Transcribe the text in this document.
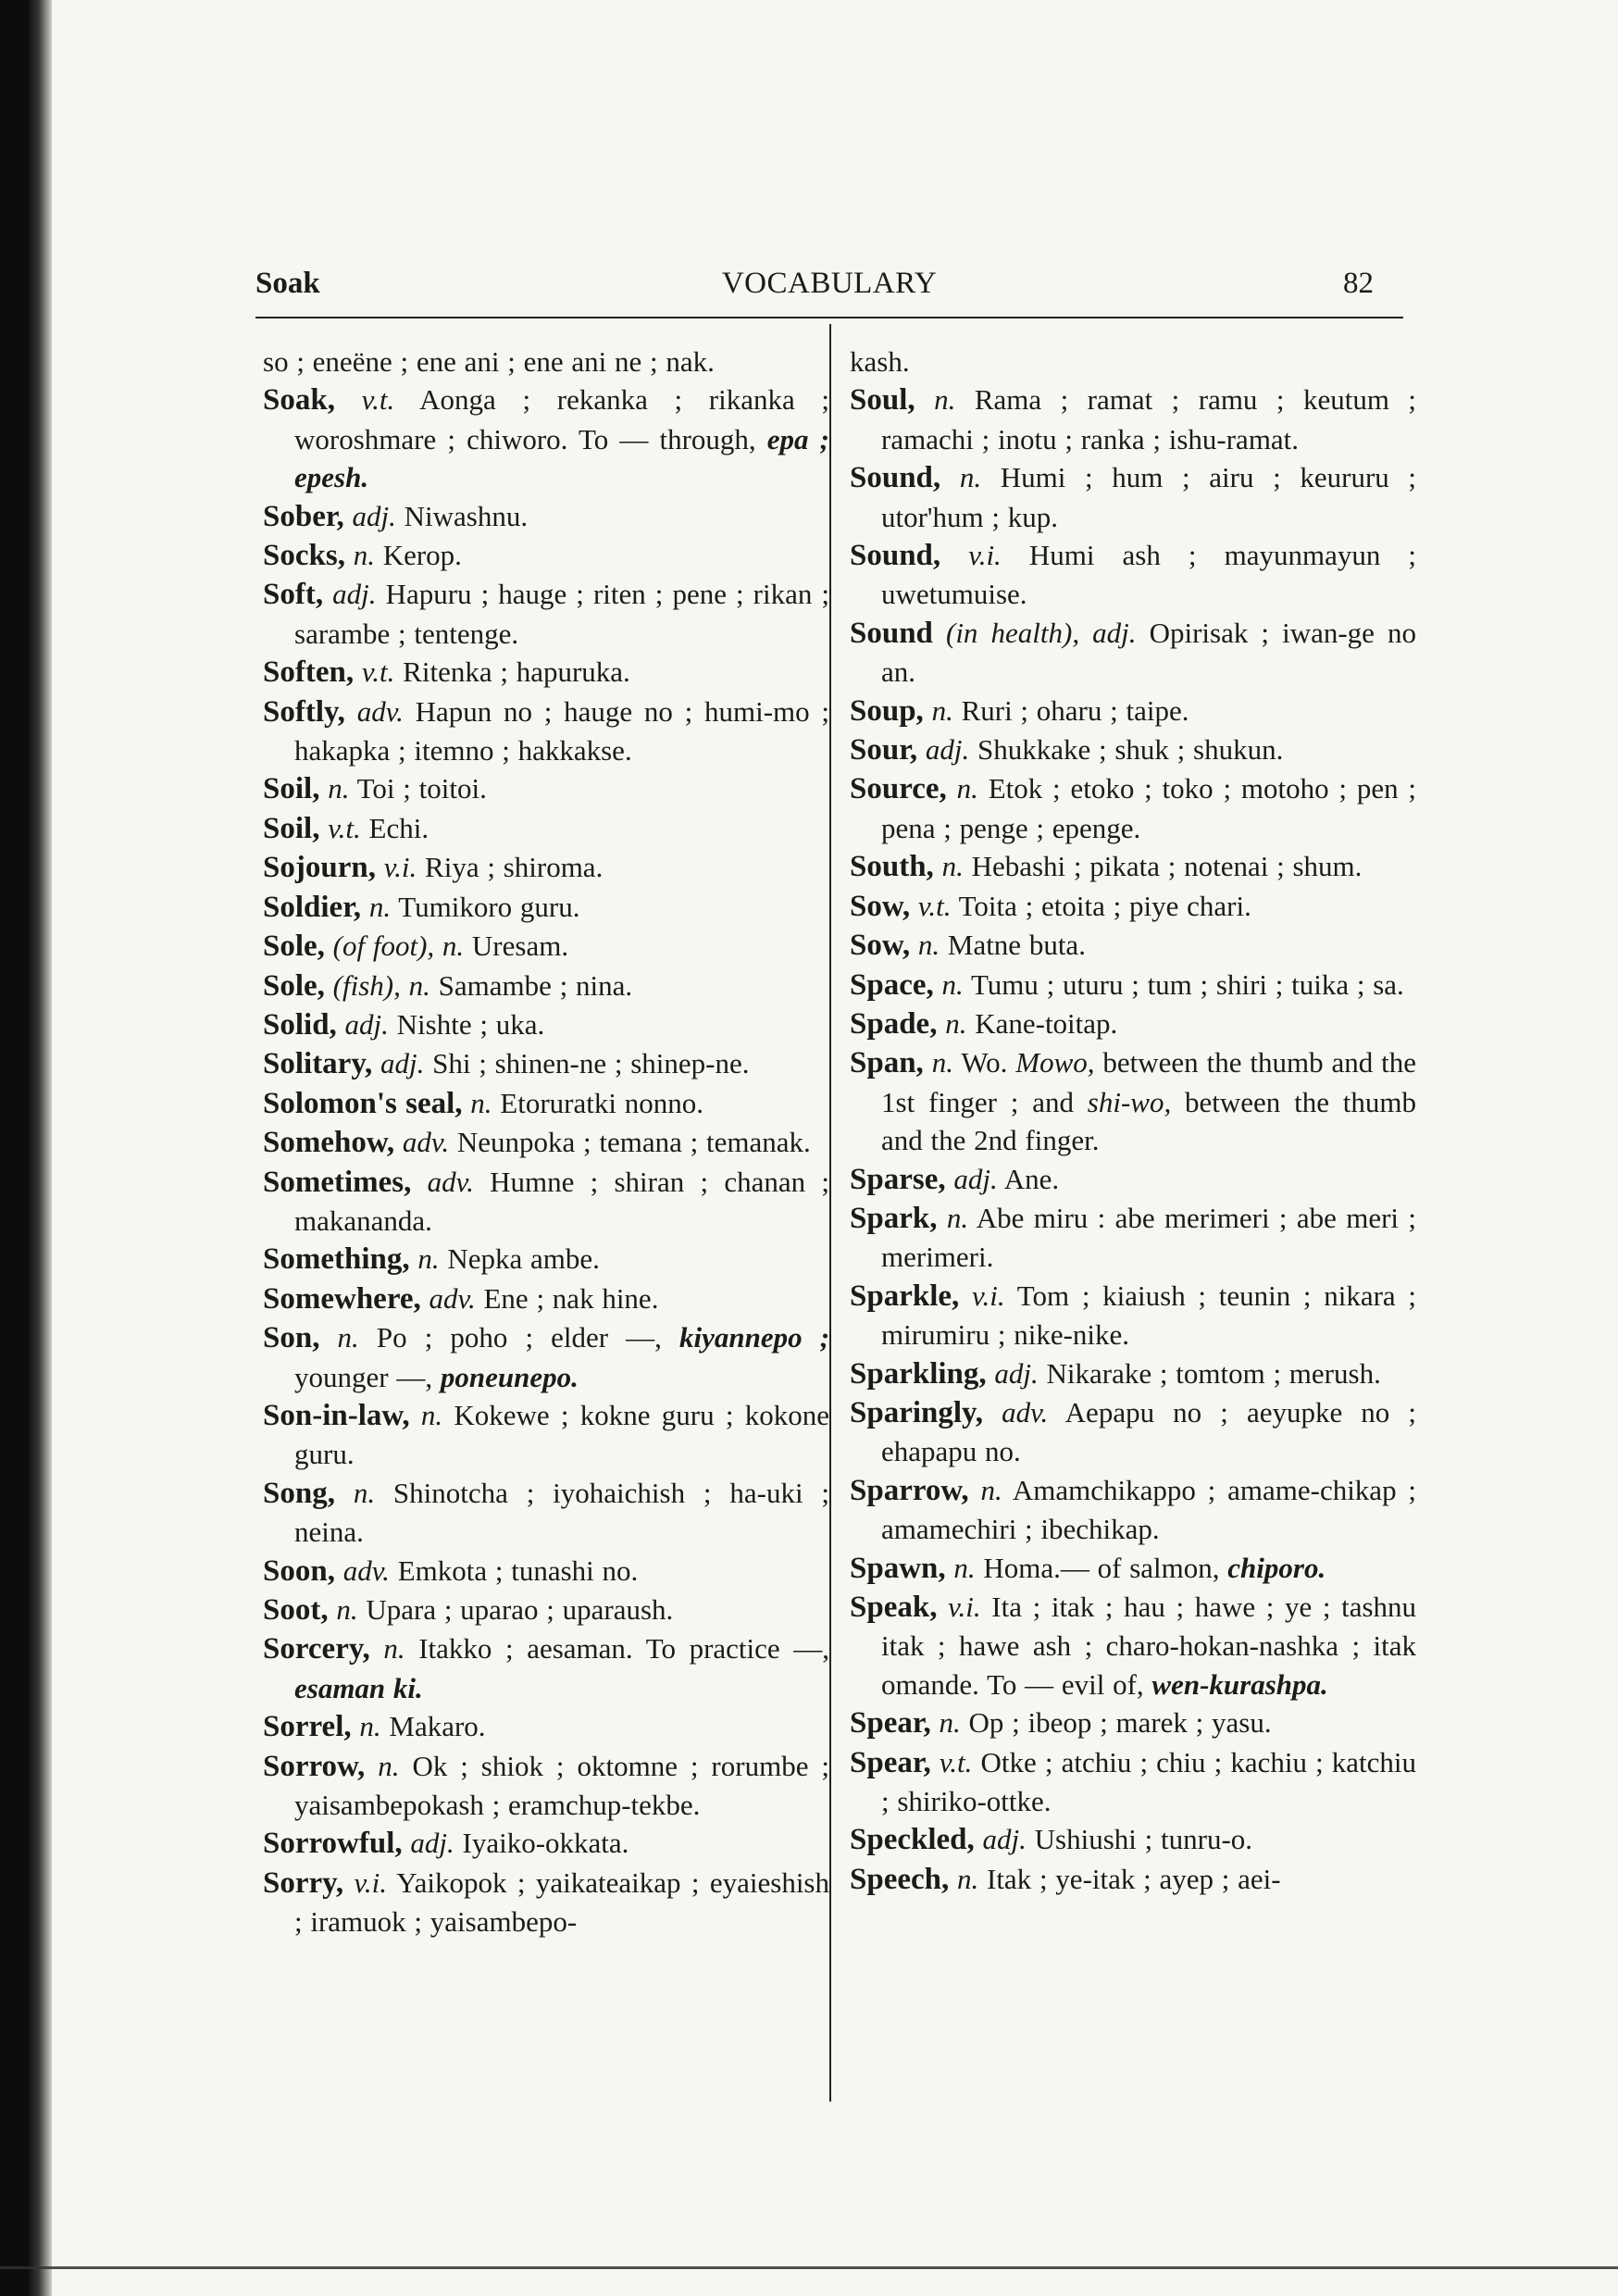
Soak	VOCABULARY	82
so ; eneëne ; ene ani ; ene ani ne ; nak.
Soak, v.t. Aonga ; rekanka ; rikanka ; woroshmare ; chiworo. To — through, epa ; epesh.
Sober, adj. Niwashnu.
Socks, n. Kerop.
Soft, adj. Hapuru ; hauge ; riten ; pene ; rikan ; sarambe ; tentenge.
Soften, v.t. Ritenka ; hapuruka.
Softly, adv. Hapun no ; hauge no ; humi-mo ; hakapka ; itemno ; hakkakse.
Soil, n. Toi ; toitoi.
Soil, v.t. Echi.
Sojourn, v.i. Riya ; shiroma.
Soldier, n. Tumikoro guru.
Sole, (of foot), n. Uresam.
Sole, (fish), n. Samambe ; nina.
Solid, adj. Nishte ; uka.
Solitary, adj. Shi ; shinen-ne ; shinep-ne.
Solomon's seal, n. Etoruratki nonno.
Somehow, adv. Neunpoka ; temana ; temanak.
Sometimes, adv. Humne ; shiran ; chanan ; makananda.
Something, n. Nepka ambe.
Somewhere, adv. Ene ; nak hine.
Son, n. Po ; poho ; elder —, kiyannepo ; younger —, poneunepo.
Son-in-law, n. Kokewe ; kokne guru ; kokone guru.
Song, n. Shinotcha ; iyohaichish ; ha-uki ; neina.
Soon, adv. Emkota ; tunashi no.
Soot, n. Upara ; uparao ; uparaush.
Sorcery, n. Itakko ; aesaman. To practice —, esaman ki.
Sorrel, n. Makaro.
Sorrow, n. Ok ; shiok ; oktomne ; rorumbe ; yaisambepokash ; eramchup-tekbe.
Sorrowful, adj. Iyaiko-okkata.
Sorry, v.i. Yaikopok ; yaikateaikap ; eyaieshish ; iramuok ; yaisambepo-
kash.
Soul, n. Rama ; ramat ; ramu ; keutum ; ramachi ; inotu ; ranka ; ishu-ramat.
Sound, n. Humi ; hum ; airu ; keururu ; utor'hum ; kup.
Sound, v.i. Humi ash ; mayunmayun ; uwetumuise.
Sound (in health), adj. Opirisak ; iwan-ge no an.
Soup, n. Ruri ; oharu ; taipe.
Sour, adj. Shukkake ; shuk ; shukun.
Source, n. Etok ; etoko ; toko ; motoho ; pen ; pena ; penge ; epenge.
South, n. Hebashi ; pikata ; notenai ; shum.
Sow, v.t. Toita ; etoita ; piye chari.
Sow, n. Matne buta.
Space, n. Tumu ; uturu ; tum ; shiri ; tuika ; sa.
Spade, n. Kane-toitap.
Span, n. Wo. Mowo, between the thumb and the 1st finger ; and shi-wo, between the thumb and the 2nd finger.
Sparse, adj. Ane.
Spark, n. Abe miru : abe merimeri ; abe meri ; merimeri.
Sparkle, v.i. Tom ; kiaiush ; teunin ; nikara ; mirumiru ; nike-nike.
Sparkling, adj. Nikarake ; tomtom ; merush.
Sparingly, adv. Aepapu no ; aeyupke no ; ehapapu no.
Sparrow, n. Amamchikappo ; amame-chikap ; amamechiri ; ibechikap.
Spawn, n. Homa.— of salmon, chiporo.
Speak, v.i. Ita ; itak ; hau ; hawe ; ye ; tashnu itak ; hawe ash ; charo-hokan-nashka ; itak omande. To — evil of, wen-kurashpa.
Spear, n. Op ; ibeop ; marek ; yasu.
Spear, v.t. Otke ; atchiu ; chiu ; kachiu ; katchiu ; shiriko-ottke.
Speckled, adj. Ushiushi ; tunru-o.
Speech, n. Itak ; ye-itak ; ayep ; aei-
